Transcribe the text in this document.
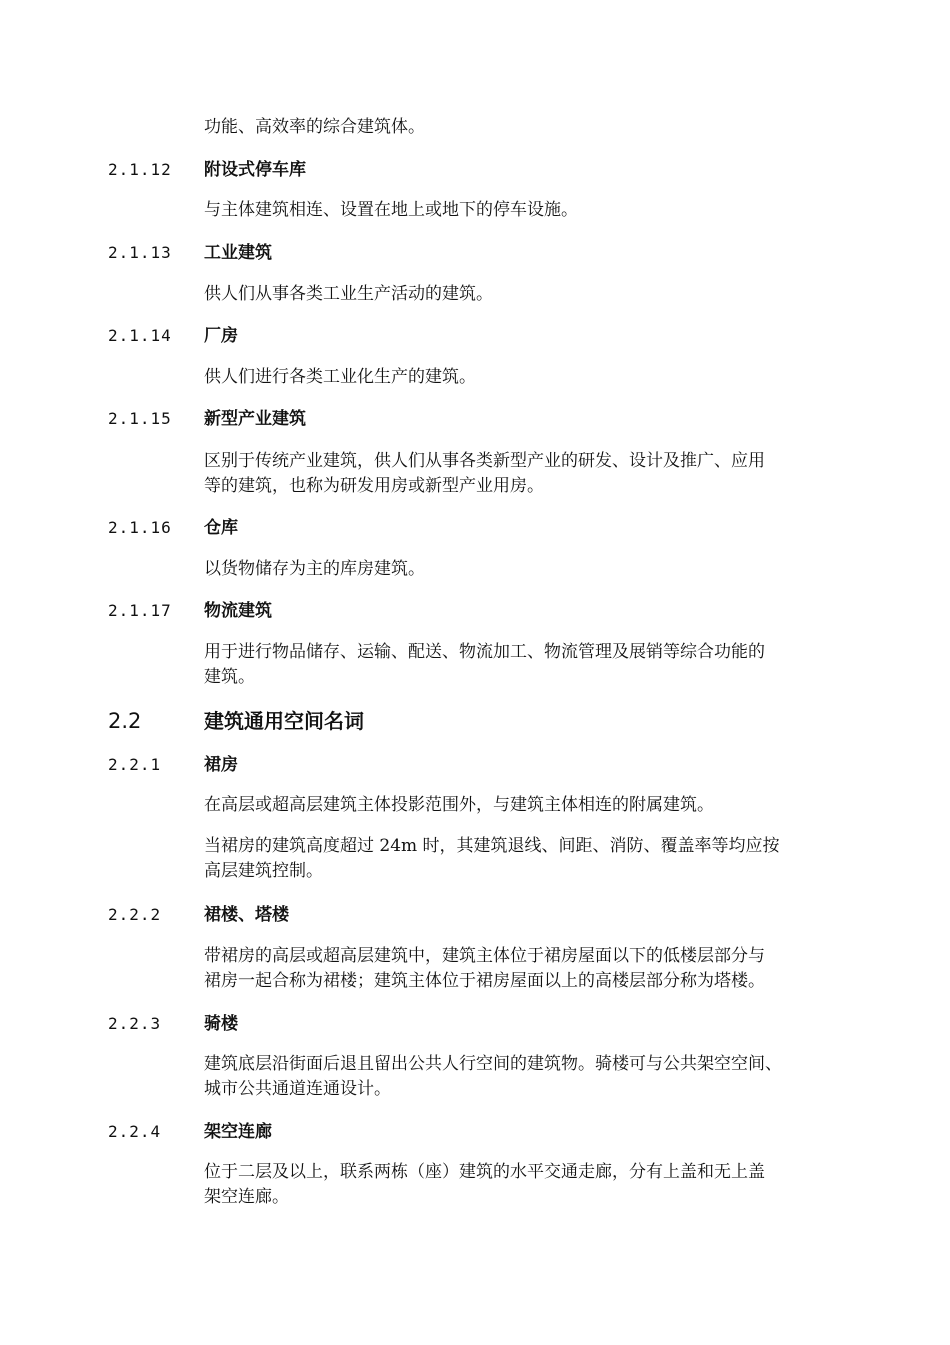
功能、高效率的综合建筑体。

2.1.12 附设式停车库

与主体建筑相连、设置在地上或地下的停车设施。

2.1.13 工业建筑

供人们从事各类工业生产活动的建筑。

2.1.14 厂房

供人们进行各类工业化生产的建筑。

2.1.15 新型产业建筑

区别于传统产业建筑，供人们从事各类新型产业的研发、设计及推广、应用

等的建筑，也称为研发用房或新型产业用房。

2.1.16 仓库

以货物储存为主的库房建筑。

2.1.17 物流建筑

用于进行物品储存、运输、配送、物流加工、物流管理及展销等综合功能的

建筑。

2.2	建筑通用空间名词
2.2.1	裙房

在高层或超高层建筑主体投影范围外，与建筑主体相连的附属建筑。

当裙房的建筑高度超过 24m 时，其建筑退线、间距、消防、覆盖率等均应按

高层建筑控制。

2.2.2	裙楼、塔楼

带裙房的高层或超高层建筑中，建筑主体位于裙房屋面以下的低楼层部分与

裙房一起合称为裙楼；建筑主体位于裙房屋面以上的高楼层部分称为塔楼。

2.2.3	骑楼

建筑底层沿街面后退且留出公共人行空间的建筑物。骑楼可与公共架空空间、

城市公共通道连通设计。

2.2.4	架空连廊

位于二层及以上，联系两栋（座）建筑的水平交通走廊，分有上盖和无上盖

架空连廊。
